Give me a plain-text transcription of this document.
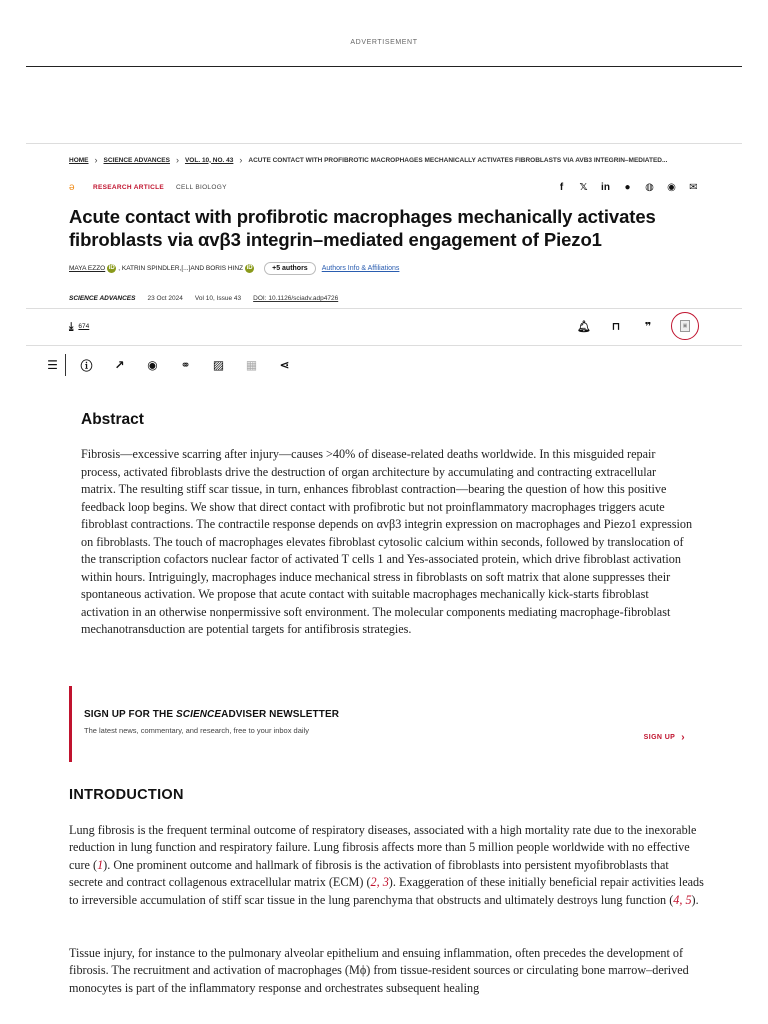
ADVERTISEMENT
HOME › SCIENCE ADVANCES › VOL. 10, NO. 43 › ACUTE CONTACT WITH PROFIBROTIC MACROPHAGES MECHANICALLY ACTIVATES FIBROBLASTS VIA AVB3 INTEGRIN–MEDIATED...
ə	RESEARCH ARTICLE CELL BIOLOGY	f	𝕏 in ● ◍ ◉ ✉
Acute contact with profibrotic macrophages mechanically activates fibroblasts via αvβ3 integrin–mediated engagement of Piezo1
MAYA EZZO iD , KATRIN SPINDLER, [...] AND BORIS HINZ iD	+5 authors	Authors Info & Affiliations
SCIENCE ADVANCES 23 Oct 2024 Vol 10, Issue 43 DOI: 10.1126/sciadv.adp4726
⤓ 674	🔔︎ ⊓	❞	▣
☰	ⓘ	↗	◉	⚭	▨	▦	⋖
Abstract

Fibrosis—excessive scarring after injury—causes >40% of disease-related deaths worldwide. In this misguided repair process, activated fibroblasts drive the destruction of organ architecture by accumulating and contracting extracellular matrix. The resulting stiff scar tissue, in turn, enhances fibroblast contraction—bearing the question of how this positive feedback loop begins. We show that direct contact with profibrotic but not proinflammatory macrophages triggers acute fibroblast contractions. The contractile response depends on αvβ3 integrin expression on macrophages and Piezo1 expression on fibroblasts. The touch of macrophages elevates fibroblast cytosolic calcium within seconds, followed by translocation of the transcription cofactors nuclear factor of activated T cells 1 and Yes-associated protein, which drive fibroblast activation within hours. Intriguingly, macrophages induce mechanical stress in fibroblasts on soft matrix that alone suppresses their spontaneous activation. We propose that acute contact with suitable macrophages mechanically kick-starts fibroblast activation in an otherwise nonpermissive soft environment. The molecular components mediating macrophage-fibroblast mechanotransduction are potential targets for antifibrosis strategies.

SIGN UP FOR THE SCIENCEADVISER NEWSLETTER
The latest news, commentary, and research, free to your inbox daily
SIGN UP ›
INTRODUCTION

Lung fibrosis is the frequent terminal outcome of respiratory diseases, associated with a high mortality rate due to the inexorable reduction in lung function and respiratory failure. Lung fibrosis affects more than 5 million people worldwide with no effective cure (1). One prominent outcome and hallmark of fibrosis is the activation of fibroblasts into persistent myofibroblasts that secrete and contract collagenous extracellular matrix (ECM) (2, 3). Exaggeration of these initially beneficial repair activities leads to irreversible accumulation of stiff scar tissue in the lung parenchyma that obstructs and ultimately destroys lung function (4, 5).

Tissue injury, for instance to the pulmonary alveolar epithelium and ensuing inflammation, often precedes the development of fibrosis. The recruitment and activation of macrophages (Mϕ) from tissue-resident sources or circulating bone marrow–derived monocytes is part of the inflammatory response and orchestrates subsequent healing
